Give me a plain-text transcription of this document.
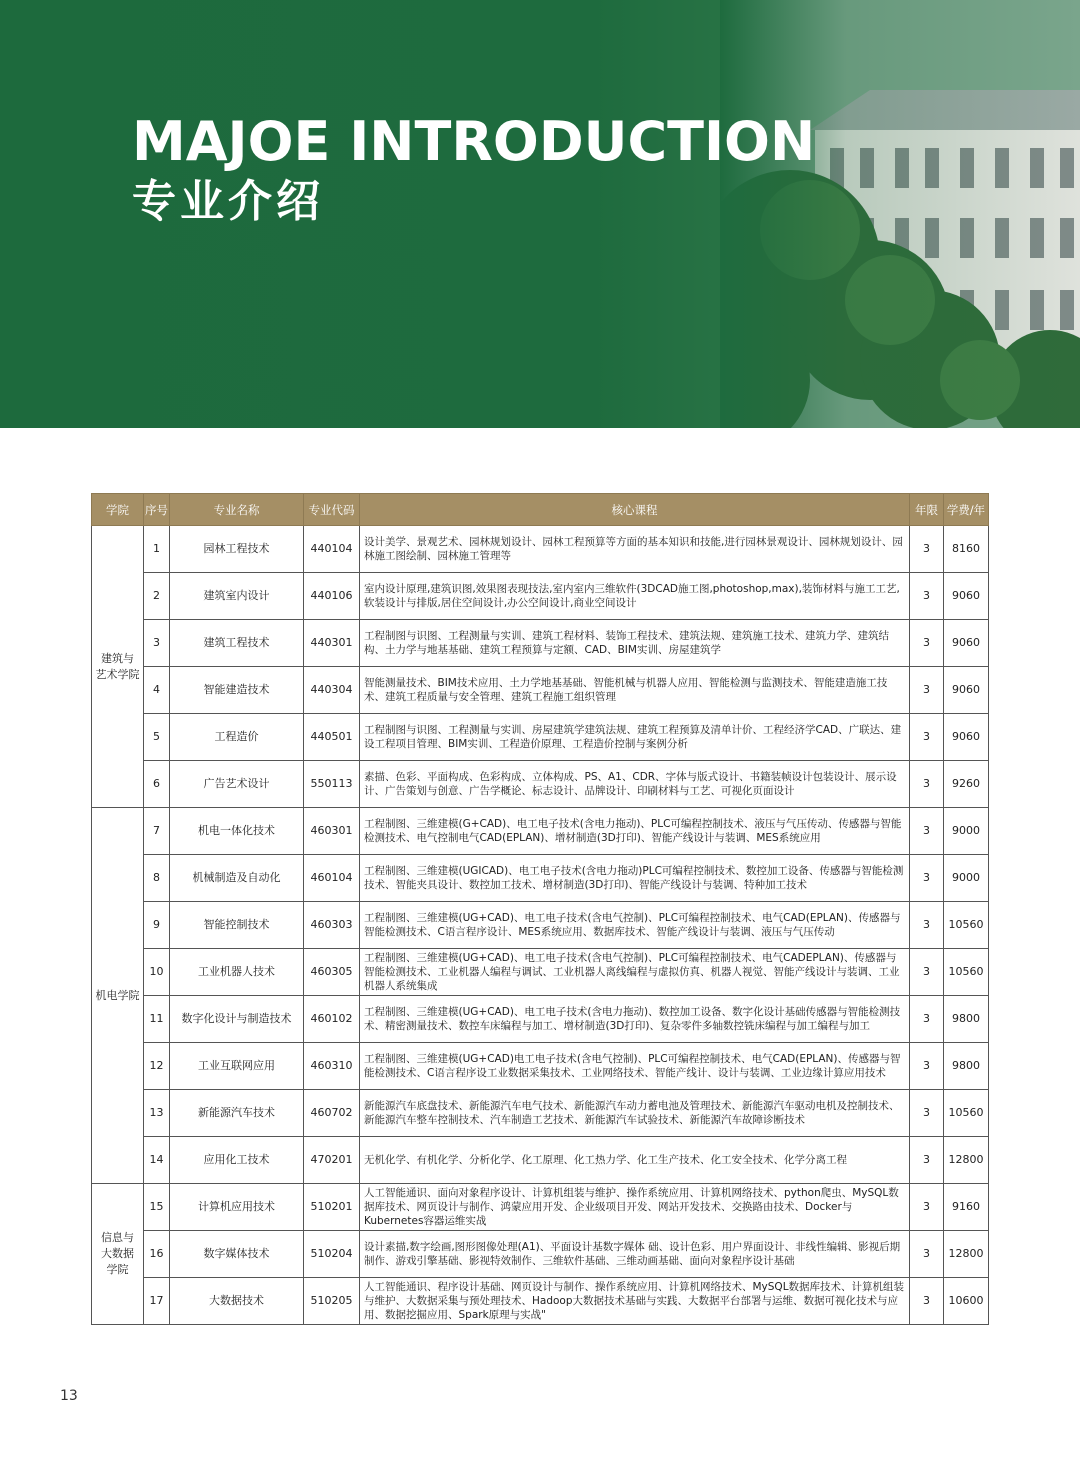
MAJOE INTRODUCTION
专业介绍
学院	序号	专业名称	专业代码	核心课程	年限	学费/年
建筑与
艺术学院	1	园林工程技术	440104	设计美学、景观艺术、园林规划设计、园林工程预算等方面的基本知识和技能,进行园林景观设计、园林规划设计、园林施工图绘制、园林施工管理等	3	8160
	2	建筑室内设计	440106	室内设计原理,建筑识图,效果图表现技法,室内室内三维软件(3DCAD施工图,photoshop,max),装饰材料与施工工艺,软装设计与排版,居住空间设计,办公空间设计,商业空间设计	3	9060
	3	建筑工程技术	440301	工程制图与识图、工程测量与实训、建筑工程材料、装饰工程技术、建筑法规、建筑施工技术、建筑力学、建筑结构、土力学与地基基础、建筑工程预算与定额、CAD、BIM实训、房屋建筑学	3	9060
	4	智能建造技术	440304	智能测量技术、BIM技术应用、土力学地基基础、智能机械与机器人应用、智能检测与监测技术、智能建造施工技术、建筑工程质量与安全管理、建筑工程施工组织管理	3	9060
	5	工程造价	440501	工程制图与识图、工程测量与实训、房屋建筑学建筑法规、建筑工程预算及清单计价、工程经济学CAD、广联达、建设工程项目管理、BIM实训、工程造价原理、工程造价控制与案例分析	3	9060
	6	广告艺术设计	550113	素描、色彩、平面构成、色彩构成、立体构成、PS、A1、CDR、字体与版式设计、书籍装帧设计包装设计、展示设计、广告策划与创意、广告学概论、标志设计、品牌设计、印刷材料与工艺、可视化页面设计	3	9260
机电学院	7	机电一体化技术	460301	工程制图、三维建模(G+CAD)、电工电子技术(含电力拖动)、PLC可编程控制技术、液压与气压传动、传感器与智能检测技术、电气控制电气CAD(EPLAN)、增材制造(3D打印)、智能产线设计与装调、MES系统应用	3	9000
	8	机械制造及自动化	460104	工程制图、三维建模(UGICAD)、电工电子技术(含电力拖动)PLC可编程控制技术、数控加工设备、传感器与智能检测技术、智能夹具设计、数控加工技术、增材制造(3D打印)、智能产线设计与装调、特种加工技术	3	9000
	9	智能控制技术	460303	工程制图、三维建模(UG+CAD)、电工电子技术(含电气控制)、PLC可编程控制技术、电气CAD(EPLAN)、传感器与智能检测技术、C语言程序设计、MES系统应用、数据库技术、智能产线设计与装调、液压与气压传动	3	10560
	10	工业机器人技术	460305	工程制图、三维建模(UG+CAD)、电工电子技术(含电气控制)、PLC可编程控制技术、电气CADEPLAN)、传感器与智能检测技术、工业机器人编程与调试、工业机器人离线编程与虚拟仿真、机器人视觉、智能产线设计与装调、工业机器人系统集成	3	10560
	11	数字化设计与制造技术	460102	工程制图、三维建模(UG+CAD)、电工电子技术(含电力拖动)、数控加工设备、数字化设计基础传感器与智能检测技术、精密测量技术、数控车床编程与加工、增材制造(3D打印)、复杂零件多轴数控铣床编程与加工编程与加工	3	9800
	12	工业互联网应用	460310	工程制图、三维建模(UG+CAD)电工电子技术(含电气控制)、PLC可编程控制技术、电气CAD(EPLAN)、传感器与智能检测技术、C语言程序设工业数据采集技术、工业网络技术、智能产线计、设计与装调、工业边缘计算应用技术	3	9800
	13	新能源汽车技术	460702	新能源汽车底盘技术、新能源汽车电气技术、新能源汽车动力蓄电池及管理技术、新能源汽车驱动电机及控制技术、新能源汽车整车控制技术、汽车制造工艺技术、新能源汽车试验技术、新能源汽车故障诊断技术	3	10560
	14	应用化工技术	470201	无机化学、有机化学、分析化学、化工原理、化工热力学、化工生产技术、化工安全技术、化学分离工程	3	12800
信息与
大数据
学院	15	计算机应用技术	510201	人工智能通识、面向对象程序设计、计算机组装与维护、操作系统应用、计算机网络技术、python爬虫、MySQL数据库技术、网页设计与制作、鸿蒙应用开发、企业级项目开发、网站开发技术、交换路由技术、Docker与Kubernetes容器运维实战	3	9160
	16	数字媒体技术	510204	设计素描,数字绘画,图形图像处理(A1)、平面设计基数字媒体 础、设计色彩、用户界面设计、非线性编辑、影视后期制作、游戏引擎基础、影视特效制作、三维软件基础、三维动画基础、面向对象程序设计基础	3	12800
	17	大数据技术	510205	人工智能通识、程序设计基础、网页设计与制作、操作系统应用、计算机网络技术、MySQL数据库技术、计算机组装与维护、大数据采集与预处理技术、Hadoop大数据技术基础与实践、大数据平台部署与运维、数据可视化技术与应用、数据挖掘应用、Spark原理与实战"	3	10600
13
